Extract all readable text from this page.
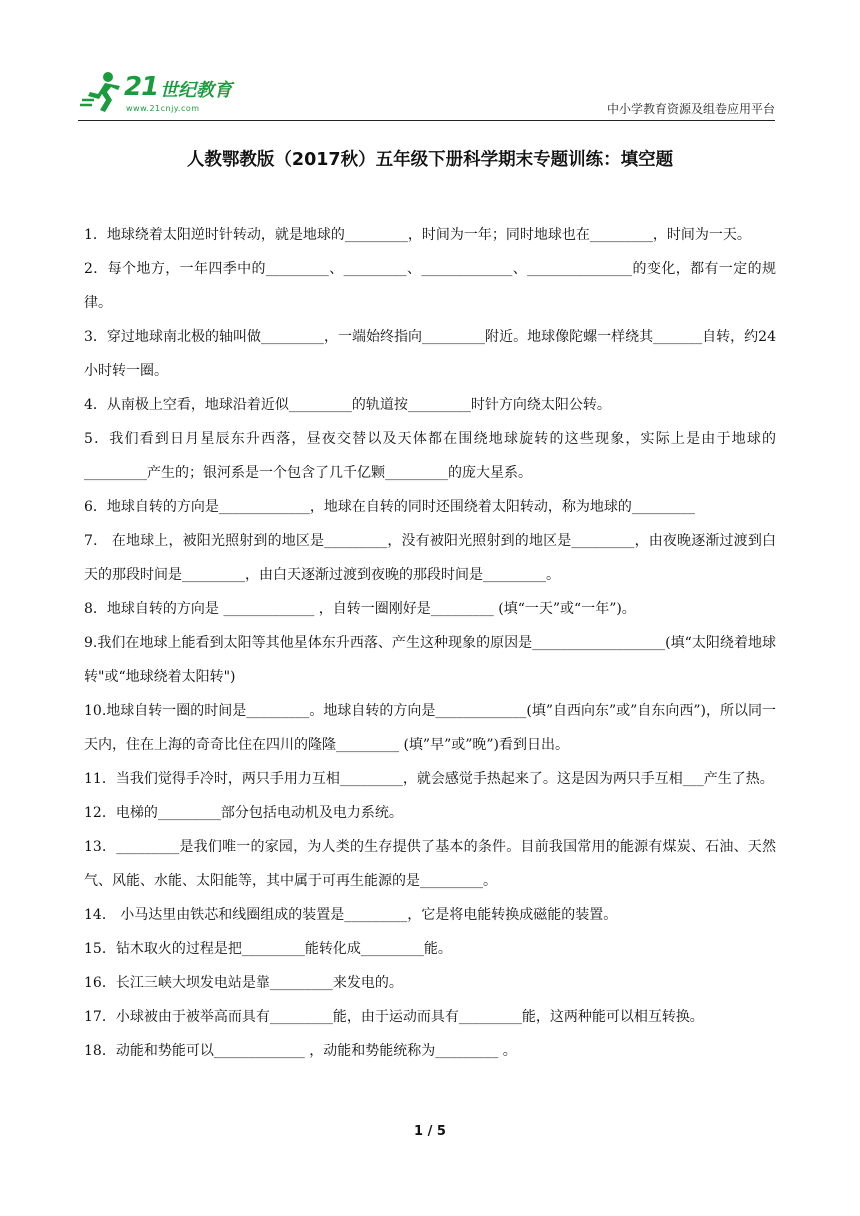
21 世纪教育
www.21cnjy.com	中小学教育资源及组卷应用平台
人教鄂教版（2017秋）五年级下册科学期末专题训练：填空题

1．地球绕着太阳逆时针转动，就是地球的_________，时间为一年；同时地球也在_________，时间为一天。

2．每个地方，一年四季中的_________、_________、_____________、_______________的变化，都有一定的规律。

3．穿过地球南北极的轴叫做_________，一端始终指向_________附近。地球像陀螺一样绕其_______自转，约24小时转一圈。

4．从南极上空看，地球沿着近似_________的轨道按_________时针方向绕太阳公转。

5．我们看到日月星辰东升西落，昼夜交替以及天体都在围绕地球旋转的这些现象，实际上是由于地球的_________产生的；银河系是一个包含了几千亿颗_________的庞大星系。

6．地球自转的方向是_____________，地球在自转的同时还围绕着太阳转动，称为地球的_________

7． 在地球上，被阳光照射到的地区是_________，没有被阳光照射到的地区是_________，由夜晚逐渐过渡到白天的那段时间是_________，由白天逐渐过渡到夜晚的那段时间是_________。

8．地球自转的方向是 _____________ ，自转一圈刚好是_________ (填“一天”或“一年”)。

9.我们在地球上能看到太阳等其他星体东升西落、产生这种现象的原因是___________________(填“太阳绕着地球转"或“地球绕着太阳转")

10.地球自转一圈的时间是_________。地球自转的方向是_____________(填”自西向东”或”自东向西”)，所以同一天内，住在上海的奇奇比住在四川的隆隆_________ (填”早”或”晚”)看到日出。

11．当我们觉得手冷时，两只手用力互相_________，就会感觉手热起来了。这是因为两只手互相___产生了热。

12．电梯的_________部分包括电动机及电力系统。

13．_________是我们唯一的家园，为人类的生存提供了基本的条件。目前我国常用的能源有煤炭、石油、天然气、风能、水能、太阳能等，其中属于可再生能源的是_________。

14． 小马达里由铁芯和线圈组成的装置是_________，它是将电能转换成磁能的装置。

15．钻木取火的过程是把_________能转化成_________能。

16．长江三峡大坝发电站是靠_________来发电的。

17．小球被由于被举高而具有_________能，由于运动而具有_________能，这两种能可以相互转换。

18．动能和势能可以_____________ ，动能和势能统称为_________ 。

1 / 5
